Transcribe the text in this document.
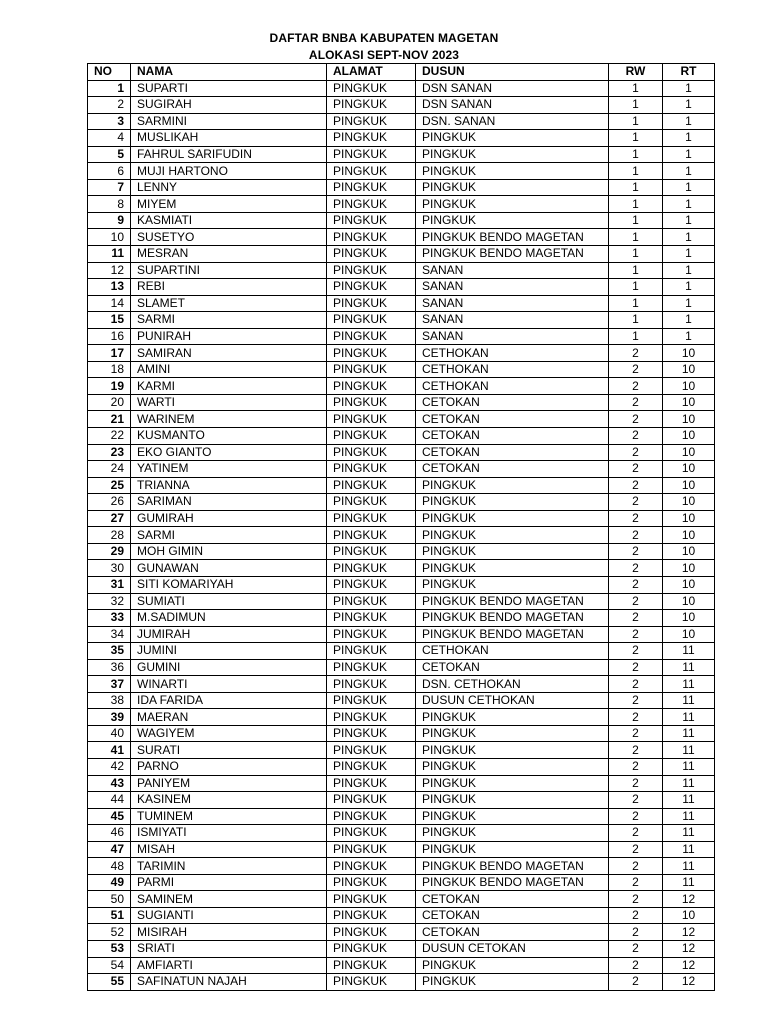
DAFTAR BNBA KABUPATEN MAGETAN
ALOKASI SEPT-NOV 2023
NO	NAMA	ALAMAT	DUSUN	RW	RT
1	SUPARTI	PINGKUK	DSN SANAN	1	1
2	SUGIRAH	PINGKUK	DSN SANAN	1	1
3	SARMINI	PINGKUK	DSN. SANAN	1	1
4	MUSLIKAH	PINGKUK	PINGKUK	1	1
5	FAHRUL SARIFUDIN	PINGKUK	PINGKUK	1	1
6	MUJI HARTONO	PINGKUK	PINGKUK	1	1
7	LENNY	PINGKUK	PINGKUK	1	1
8	MIYEM	PINGKUK	PINGKUK	1	1
9	KASMIATI	PINGKUK	PINGKUK	1	1
10	SUSETYO	PINGKUK	PINGKUK BENDO MAGETAN	1	1
11	MESRAN	PINGKUK	PINGKUK BENDO MAGETAN	1	1
12	SUPARTINI	PINGKUK	SANAN	1	1
13	REBI	PINGKUK	SANAN	1	1
14	SLAMET	PINGKUK	SANAN	1	1
15	SARMI	PINGKUK	SANAN	1	1
16	PUNIRAH	PINGKUK	SANAN	1	1
17	SAMIRAN	PINGKUK	CETHOKAN	2	10
18	AMINI	PINGKUK	CETHOKAN	2	10
19	KARMI	PINGKUK	CETHOKAN	2	10
20	WARTI	PINGKUK	CETOKAN	2	10
21	WARINEM	PINGKUK	CETOKAN	2	10
22	KUSMANTO	PINGKUK	CETOKAN	2	10
23	EKO GIANTO	PINGKUK	CETOKAN	2	10
24	YATINEM	PINGKUK	CETOKAN	2	10
25	TRIANNA	PINGKUK	PINGKUK	2	10
26	SARIMAN	PINGKUK	PINGKUK	2	10
27	GUMIRAH	PINGKUK	PINGKUK	2	10
28	SARMI	PINGKUK	PINGKUK	2	10
29	MOH GIMIN	PINGKUK	PINGKUK	2	10
30	GUNAWAN	PINGKUK	PINGKUK	2	10
31	SITI KOMARIYAH	PINGKUK	PINGKUK	2	10
32	SUMIATI	PINGKUK	PINGKUK BENDO MAGETAN	2	10
33	M.SADIMUN	PINGKUK	PINGKUK BENDO MAGETAN	2	10
34	JUMIRAH	PINGKUK	PINGKUK BENDO MAGETAN	2	10
35	JUMINI	PINGKUK	CETHOKAN	2	11
36	GUMINI	PINGKUK	CETOKAN	2	11
37	WINARTI	PINGKUK	DSN. CETHOKAN	2	11
38	IDA FARIDA	PINGKUK	DUSUN CETHOKAN	2	11
39	MAERAN	PINGKUK	PINGKUK	2	11
40	WAGIYEM	PINGKUK	PINGKUK	2	11
41	SURATI	PINGKUK	PINGKUK	2	11
42	PARNO	PINGKUK	PINGKUK	2	11
43	PANIYEM	PINGKUK	PINGKUK	2	11
44	KASINEM	PINGKUK	PINGKUK	2	11
45	TUMINEM	PINGKUK	PINGKUK	2	11
46	ISMIYATI	PINGKUK	PINGKUK	2	11
47	MISAH	PINGKUK	PINGKUK	2	11
48	TARIMIN	PINGKUK	PINGKUK BENDO MAGETAN	2	11
49	PARMI	PINGKUK	PINGKUK BENDO MAGETAN	2	11
50	SAMINEM	PINGKUK	CETOKAN	2	12
51	SUGIANTI	PINGKUK	CETOKAN	2	10
52	MISIRAH	PINGKUK	CETOKAN	2	12
53	SRIATI	PINGKUK	DUSUN CETOKAN	2	12
54	AMFIARTI	PINGKUK	PINGKUK	2	12
55	SAFINATUN NAJAH	PINGKUK	PINGKUK	2	12
